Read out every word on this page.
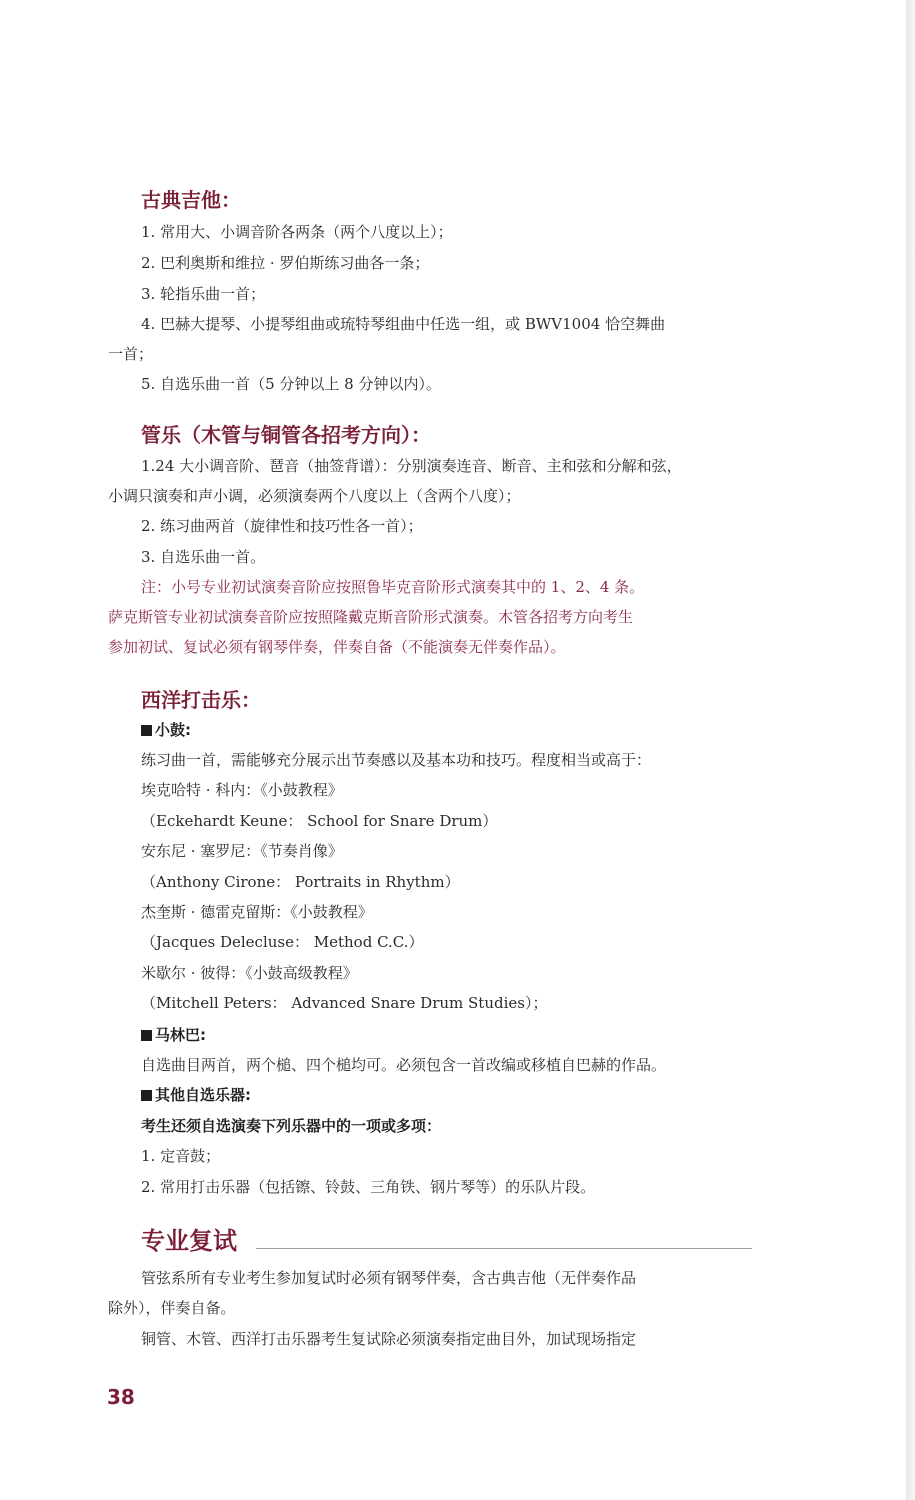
古典吉他：

1. 常用大、小调音阶各两条（两个八度以上）；

2. 巴利奥斯和维拉 · 罗伯斯练习曲各一条；

3. 轮指乐曲一首；

4. 巴赫大提琴、小提琴组曲或琉特琴组曲中任选一组，或 BWV1004 恰空舞曲

一首；

5. 自选乐曲一首（5 分钟以上 8 分钟以内）。

管乐（木管与铜管各招考方向）：

1.24 大小调音阶、琶音（抽签背谱）：分别演奏连音、断音、主和弦和分解和弦，

小调只演奏和声小调，必须演奏两个八度以上（含两个八度）；

2. 练习曲两首（旋律性和技巧性各一首）；

3. 自选乐曲一首。

注：小号专业初试演奏音阶应按照鲁毕克音阶形式演奏其中的 1、2、4 条。

萨克斯管专业初试演奏音阶应按照隆戴克斯音阶形式演奏。木管各招考方向考生

参加初试、复试必须有钢琴伴奏，伴奏自备（不能演奏无伴奏作品）。

西洋打击乐：

小鼓:

练习曲一首，需能够充分展示出节奏感以及基本功和技巧。程度相当或高于：

埃克哈特 · 科内：《小鼓教程》

（Eckehardt Keune： School for Snare Drum）

安东尼 · 塞罗尼：《节奏肖像》

（Anthony Cirone： Portraits in Rhythm）

杰奎斯 · 德雷克留斯：《小鼓教程》

（Jacques Delecluse： Method C.C.）

米歇尔 · 彼得：《小鼓高级教程》

（Mitchell Peters： Advanced Snare Drum Studies）；

马林巴:

自选曲目两首，两个槌、四个槌均可。必须包含一首改编或移植自巴赫的作品。

其他自选乐器:

考生还须自选演奏下列乐器中的一项或多项：

1. 定音鼓；

2. 常用打击乐器（包括镲、铃鼓、三角铁、钢片琴等）的乐队片段。

专业复试

管弦系所有专业考生参加复试时必须有钢琴伴奏，含古典吉他（无伴奏作品

除外），伴奏自备。

铜管、木管、西洋打击乐器考生复试除必须演奏指定曲目外，加试现场指定

38
